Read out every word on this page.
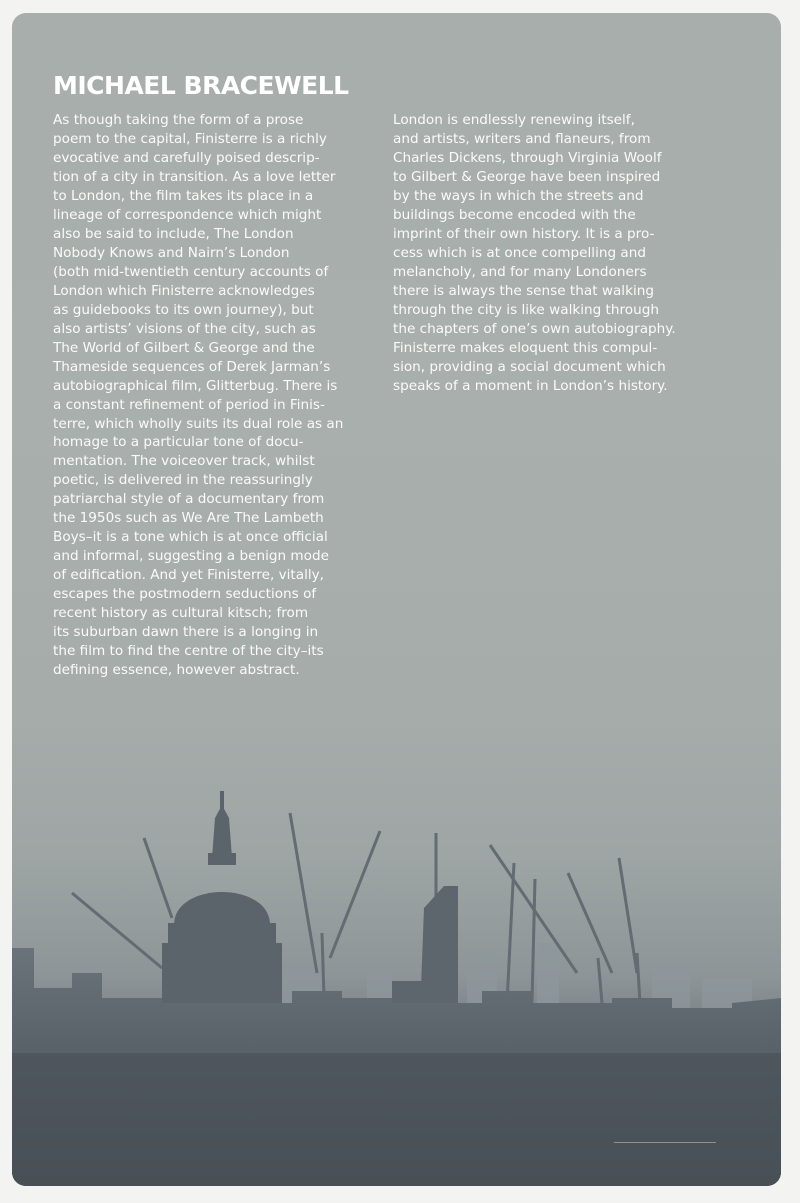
MICHAEL BRACEWELL
As though taking the form of a prose
poem to the capital, Finisterre is a richly
evocative and carefully poised descrip-
tion of a city in transition. As a love letter
to London, the film takes its place in a
lineage of correspondence which might
also be said to include, The London
Nobody Knows and Nairn’s London
(both mid-twentieth century accounts of
London which Finisterre acknowledges
as guidebooks to its own journey), but
also artists’ visions of the city, such as
The World of Gilbert & George and the
Thameside sequences of Derek Jarman’s
autobiographical film, Glitterbug. There is
a constant refinement of period in Finis-
terre, which wholly suits its dual role as an
homage to a particular tone of docu-
mentation. The voiceover track, whilst
poetic, is delivered in the reassuringly
patriarchal style of a documentary from
the 1950s such as We Are The Lambeth
Boys–it is a tone which is at once official
and informal, suggesting a benign mode
of edification. And yet Finisterre, vitally,
escapes the postmodern seductions of
recent history as cultural kitsch; from
its suburban dawn there is a longing in
the film to find the centre of the city–its
defining essence, however abstract.
London is endlessly renewing itself,
and artists, writers and flaneurs, from
Charles Dickens, through Virginia Woolf
to Gilbert & George have been inspired
by the ways in which the streets and
buildings become encoded with the
imprint of their own history. It is a pro-
cess which is at once compelling and
melancholy, and for many Londoners
there is always the sense that walking
through the city is like walking through
the chapters of one’s own autobiography.
Finisterre makes eloquent this compul-
sion, providing a social document which
speaks of a moment in London’s history.
